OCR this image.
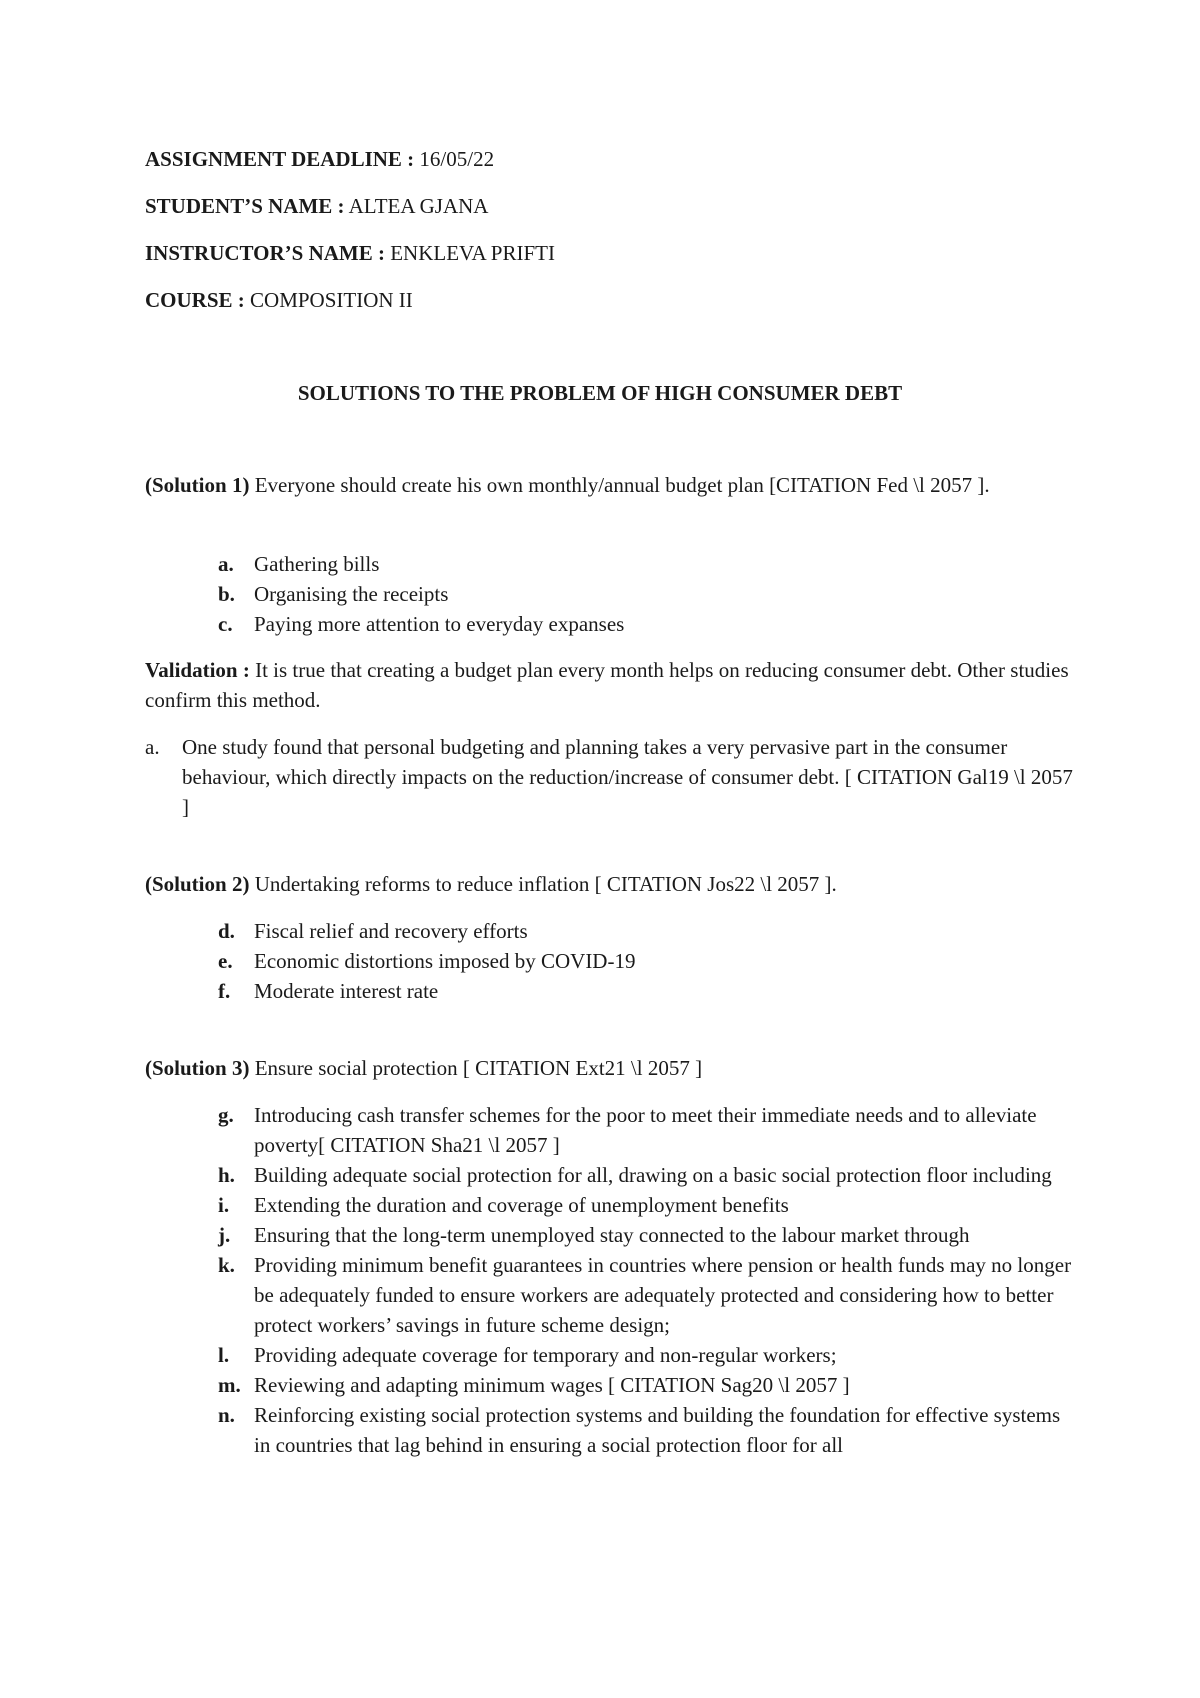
ASSIGNMENT DEADLINE : 16/05/22
STUDENT’S NAME : ALTEA GJANA
INSTRUCTOR’S NAME : ENKLEVA PRIFTI
COURSE : COMPOSITION II
SOLUTIONS TO THE PROBLEM OF HIGH CONSUMER DEBT
(Solution 1) Everyone should create his own monthly/annual budget plan [CITATION Fed \l 2057 ].
a. Gathering bills
b. Organising the receipts
c.	Paying more attention to everyday expanses
Validation : It is true that creating a budget plan every month helps on reducing consumer debt. Other studies confirm this method.
a.	One study found that personal budgeting and planning takes a very pervasive part in the consumer behaviour, which directly impacts on the reduction/increase of consumer debt. [ CITATION Gal19 \l 2057 ]
(Solution 2) Undertaking reforms to reduce inflation [ CITATION Jos22 \l 2057 ].
d. Fiscal relief and recovery efforts
e.	Economic distortions imposed by COVID-19
f.	Moderate interest rate
(Solution 3) Ensure social protection [ CITATION Ext21 \l 2057 ]
g. Introducing cash transfer schemes for the poor to meet their immediate needs and to alleviate poverty[ CITATION Sha21 \l 2057 ]
h. Building adequate social protection for all, drawing on a basic social protection floor including
i.	Extending the duration and coverage of unemployment benefits
j.	Ensuring that the long-term unemployed stay connected to the labour market through
k. Providing minimum benefit guarantees in countries where pension or health funds may no longer be adequately funded to ensure workers are adequately protected and considering how to better protect workers’ savings in future scheme design;
l.	Providing adequate coverage for temporary and non-regular workers;
m. Reviewing and adapting minimum wages [ CITATION Sag20 \l 2057 ]
n. Reinforcing existing social protection systems and building the foundation for effective systems in countries that lag behind in ensuring a social protection floor for all
